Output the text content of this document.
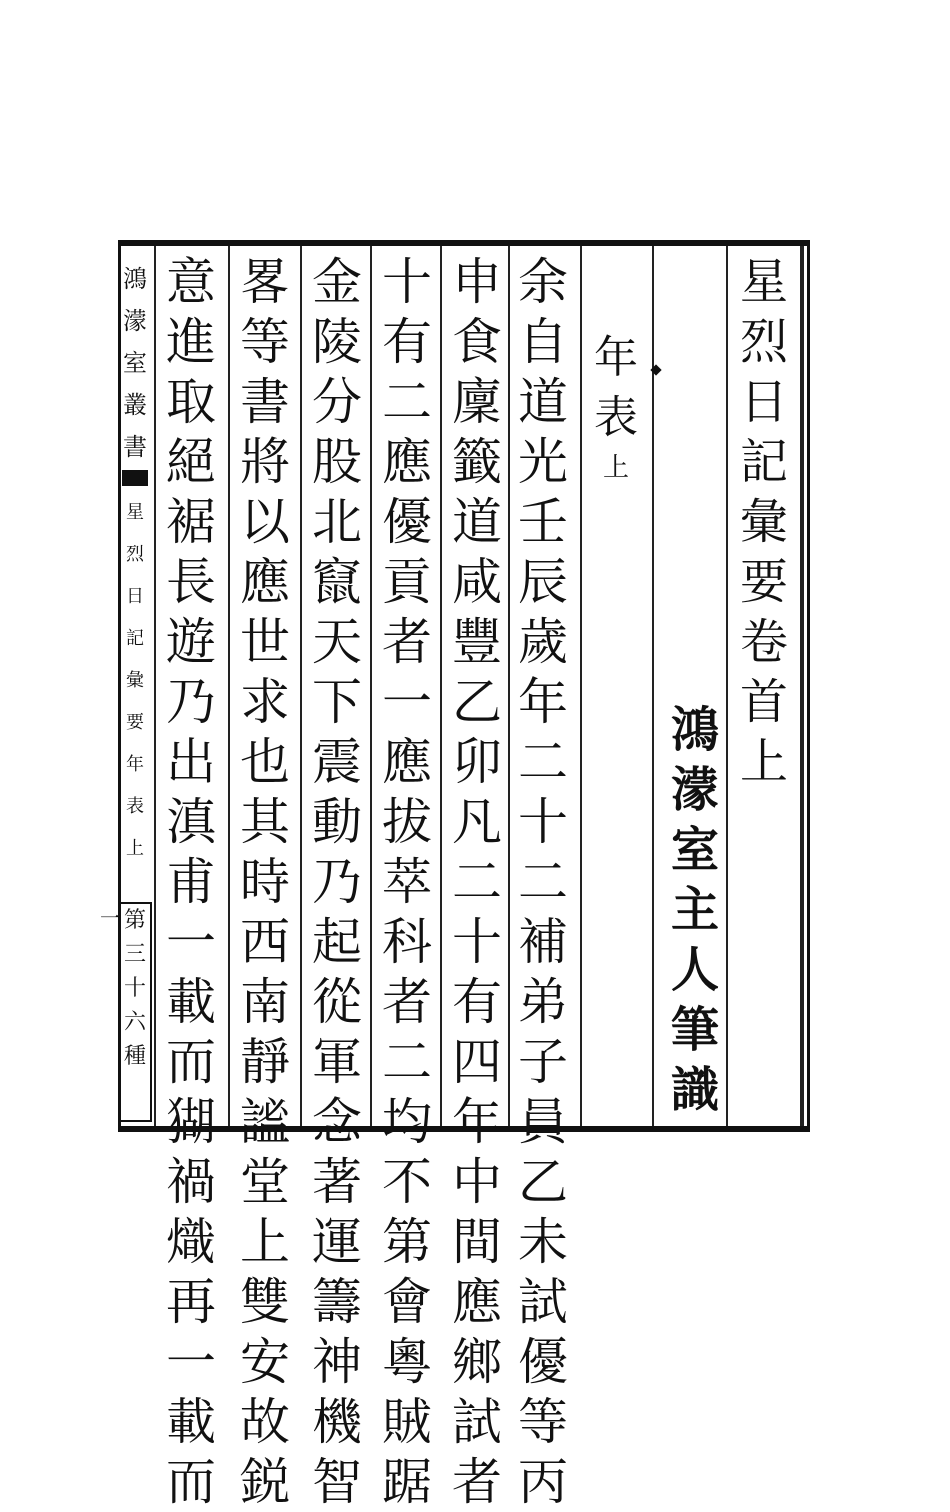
星
烈
日
記
彙
要
卷
首
上
鴻
濛
室
主
人
筆
識
年
表
上
余
自
道
光
壬
辰
歲
年
二
十
二
補
弟
子
員
乙
未
試
優
等
丙
申
食
廩
籤
道
咸
豐
乙
卯
凡
二
十
有
四
年
中
間
應
鄉
試
者
十
有
二
應
優
貢
者
一
應
拔
萃
科
者
二
均
不
第
會
粵
賊
踞
金
陵
分
股
北
竄
天
下
震
動
乃
起
從
軍
念
著
運
籌
神
機
智
畧
等
書
將
以
應
世
求
也
其
時
西
南
靜
謐
堂
上
雙
安
故
鋭
意
進
取
絕
裾
長
遊
乃
出
滇
甫
一
載
而
猢
禍
熾
再
一
載
而
鴻
濛
室
叢
書
星
烈
日
記
彙
要
年
表
上
一 第
三
十
六
種
